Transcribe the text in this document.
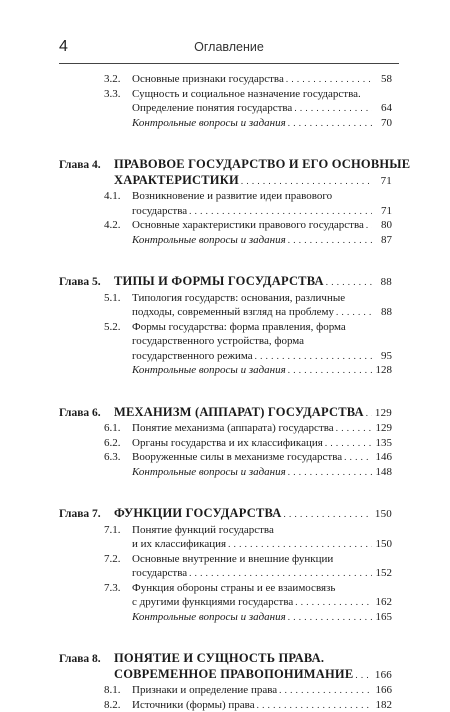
4	Оглавление
3.2.	Основные признаки государства . . .	58
3.3.	Сущность и социальное назначение государства.
Определение понятия государства . . .	64
Контрольные вопросы и задания . . .	70
Глава 4. ПРАВОВОЕ ГОСУДАРСТВО И ЕГО ОСНОВНЫЕ
ХАРАКТЕРИСТИКИ . . .	71
4.1.	Возникновение и развитие идеи правового
государства . . .	71
4.2.	Основные характеристики правового государства . . .	80
Контрольные вопросы и задания . . .	87
Глава 5. ТИПЫ И ФОРМЫ ГОСУДАРСТВА . . .	88
5.1.	Типология государств: основания, различные
подходы, современный взгляд на проблему . . .	88
5.2.	Формы государства: форма правления, форма
государственного устройства, форма
государственного режима . . .	95
Контрольные вопросы и задания . . .	128
Глава 6. МЕХАНИЗМ (АППАРАТ) ГОСУДАРСТВА . . . 129
6.1.	Понятие механизма (аппарата) государства . . .	129
6.2.	Органы государства и их классификация . . .	135
6.3.	Вооруженные силы в механизме государства . . .	146
Контрольные вопросы и задания . . .	148
Глава 7. ФУНКЦИИ ГОСУДАРСТВА . . .	150
7.1.	Понятие функций государства
и их классификация . . .	150
7.2.	Основные внутренние и внешние функции
государства . . .	152
7.3.	Функция обороны страны и ее взаимосвязь
с другими функциями государства . . .	162
Контрольные вопросы и задания . . .	165
Глава 8. ПОНЯТИЕ И СУЩНОСТЬ ПРАВА.
СОВРЕМЕННОЕ ПРАВОПОНИМАНИЕ . . . 166
8.1.	Признаки и определение права . . .	166
8.2.	Источники (формы) права . . .	182
